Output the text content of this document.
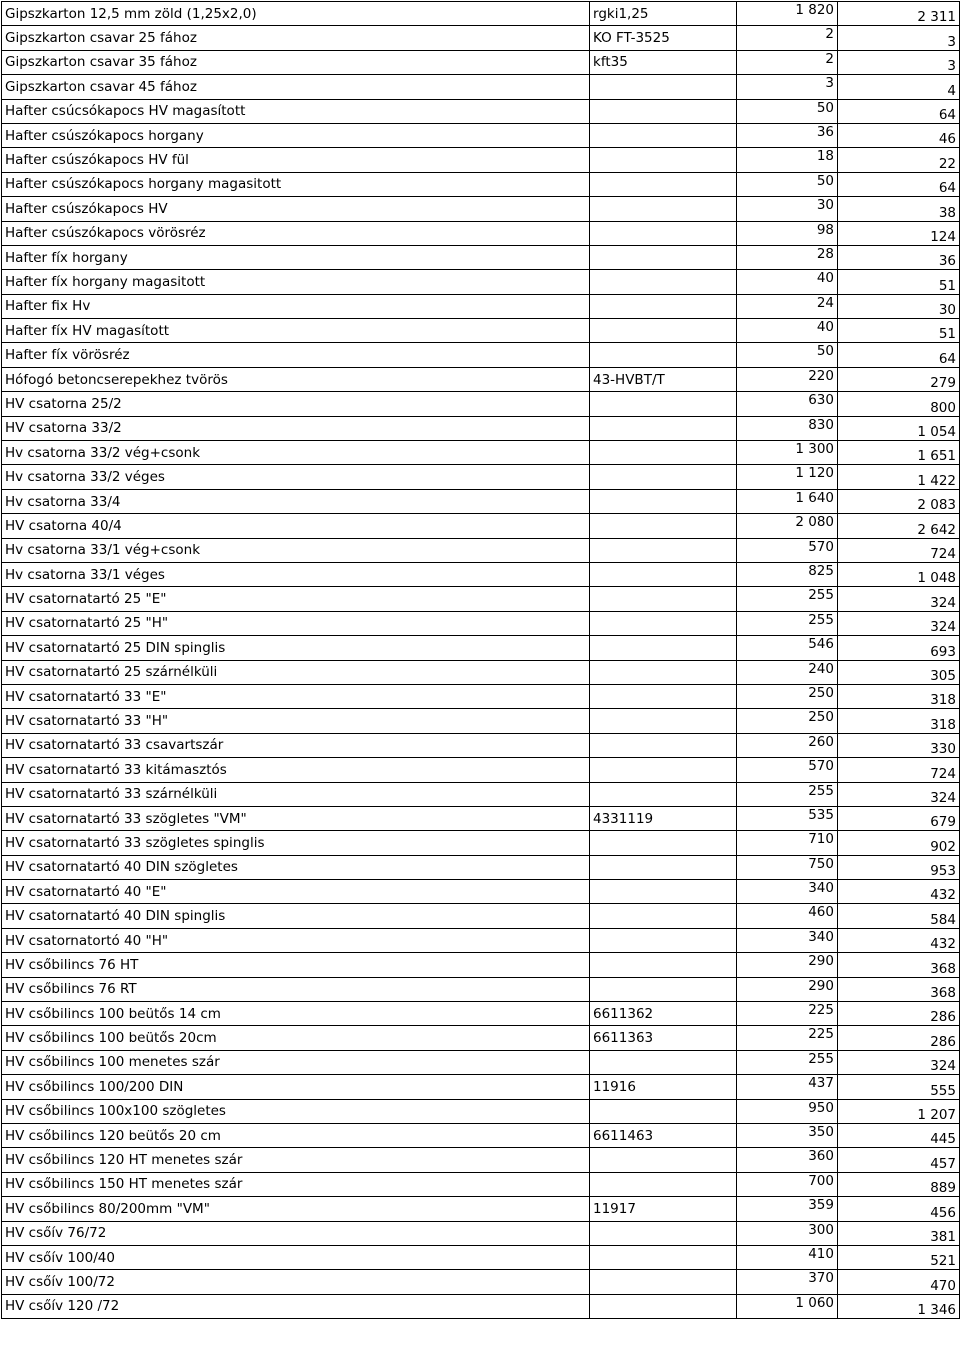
Gipszkarton 12,5 mm zöld (1,25x2,0)	rgki1,25	1 820	2 311
Gipszkarton csavar 25 fához	KO FT-3525	2	3
Gipszkarton csavar 35 fához	kft35	2	3
Gipszkarton csavar 45 fához		3	4
Hafter csúcsókapocs HV magasított		50	64
Hafter csúszókapocs horgany		36	46
Hafter csúszókapocs HV fül		18	22
Hafter csúszókapocs horgany magasitott		50	64
Hafter csúszókapocs HV		30	38
Hafter csúszókapocs vörösréz		98	124
Hafter fíx horgany		28	36
Hafter fíx horgany magasitott		40	51
Hafter fix Hv		24	30
Hafter fíx HV magasított		40	51
Hafter fíx vörösréz		50	64
Hófogó betoncserepekhez tvörös	43-HVBT/T	220	279
HV csatorna 25/2		630	800
HV csatorna 33/2		830	1 054
Hv csatorna 33/2 vég+csonk		1 300	1 651
Hv csatorna 33/2 véges		1 120	1 422
Hv csatorna 33/4		1 640	2 083
HV csatorna 40/4		2 080	2 642
Hv csatorna 33/1 vég+csonk		570	724
Hv csatorna 33/1 véges		825	1 048
HV csatornatartó 25 "E"		255	324
HV csatornatartó 25 "H"		255	324
HV csatornatartó 25 DIN spinglis		546	693
HV csatornatartó 25 szárnélküli		240	305
HV csatornatartó 33 "E"		250	318
HV csatornatartó 33 "H"		250	318
HV csatornatartó 33 csavartszár		260	330
HV csatornatartó 33 kitámasztós		570	724
HV csatornatartó 33 szárnélküli		255	324
HV csatornatartó 33 szögletes "VM"	4331119	535	679
HV csatornatartó 33 szögletes spinglis		710	902
HV csatornatartó 40 DIN szögletes		750	953
HV csatornatartó 40 "E"		340	432
HV csatornatartó 40 DIN spinglis		460	584
HV csatornatortó 40 "H"		340	432
HV csőbilincs 76 HT		290	368
HV csőbilincs 76 RT		290	368
HV csőbilincs 100 beütős 14 cm	6611362	225	286
HV csőbilincs 100 beütős 20cm	6611363	225	286
HV csőbilincs 100 menetes szár		255	324
HV csőbilincs 100/200 DIN	11916	437	555
HV csőbilincs 100x100 szögletes		950	1 207
HV csőbilincs 120 beütős 20 cm	6611463	350	445
HV csőbilincs 120 HT menetes szár		360	457
HV csőbilincs 150 HT menetes szár		700	889
HV csőbilincs 80/200mm "VM"	11917	359	456
HV csőív 76/72		300	381
HV csőív 100/40		410	521
HV csőív 100/72		370	470
HV csőív 120 /72		1 060	1 346
